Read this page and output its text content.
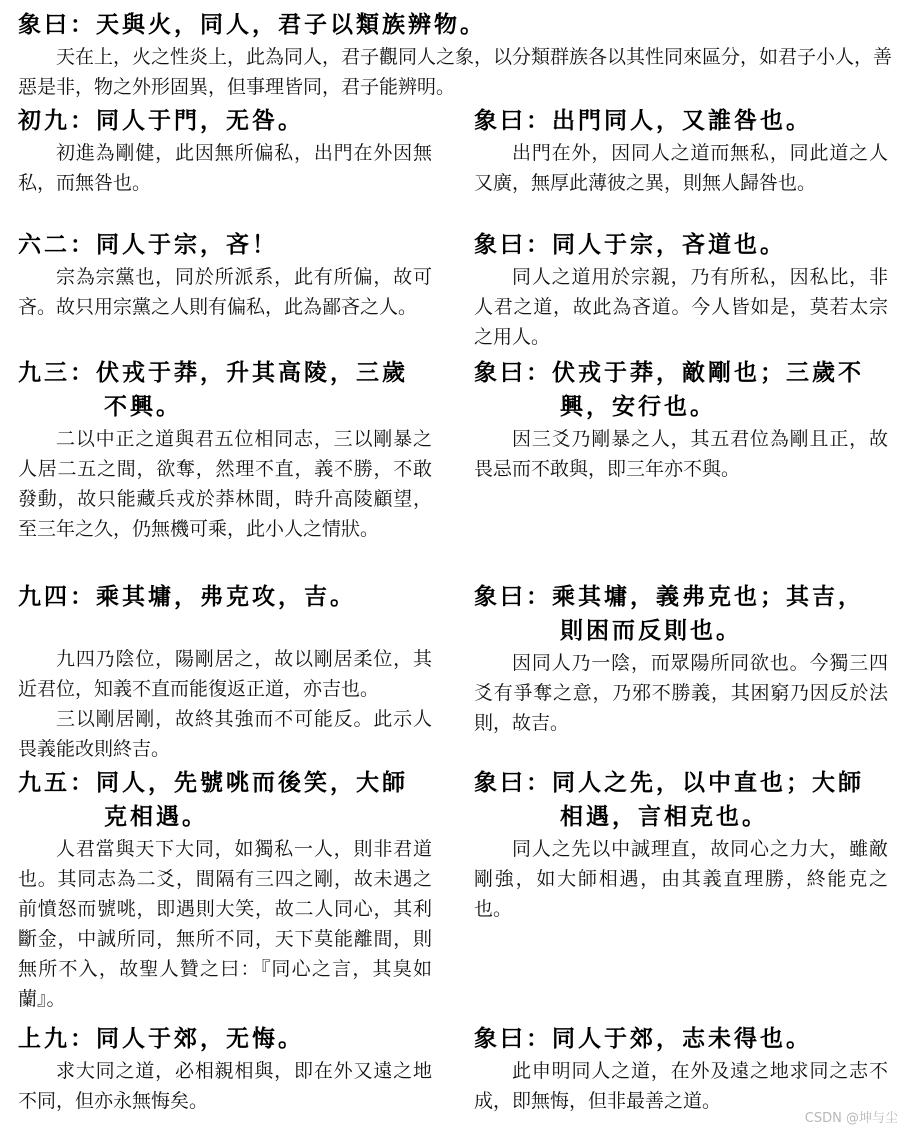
象曰：天與火，同人，君子以類族辨物。
天在上，火之性炎上，此為同人，君子觀同人之象，以分類群族各以其性同來區分，如君子小人，善惡是非，物之外形固異，但事理皆同，君子能辨明。
初九：同人于門，无咎。
初進為剛健，此因無所偏私，出門在外因無私，而無咎也。
象曰：出門同人，又誰咎也。
出門在外，因同人之道而無私，同此道之人又廣，無厚此薄彼之異，則無人歸咎也。
六二：同人于宗，吝！
宗為宗黨也，同於所派系，此有所偏，故可吝。故只用宗黨之人則有偏私，此為鄙吝之人。
象曰：同人于宗，吝道也。
同人之道用於宗親，乃有所私，因私比，非人君之道，故此為吝道。今人皆如是，莫若太宗之用人。
九三：伏戎于莽，升其高陵，三歲
不興。
二以中正之道與君五位相同志，三以剛暴之人居二五之間，欲奪，然理不直，義不勝，不敢發動，故只能藏兵戎於莽林間，時升高陵顧望，至三年之久，仍無機可乘，此小人之情狀。
象曰：伏戎于莽，敵剛也；三歲不
興，安行也。
因三爻乃剛暴之人，其五君位為剛且正，故畏忌而不敢與，即三年亦不與。
九四：乘其墉，弗克攻，吉。
九四乃陰位，陽剛居之，故以剛居柔位，其近君位，知義不直而能復返正道，亦吉也。
三以剛居剛，故終其強而不可能反。此示人畏義能改則終吉。
象曰：乘其墉，義弗克也；其吉，
則困而反則也。
因同人乃一陰，而眾陽所同欲也。今獨三四爻有爭奪之意，乃邪不勝義，其困窮乃因反於法則，故吉。
九五：同人，先號咷而後笑，大師
克相遇。
人君當與天下大同，如獨私一人，則非君道也。其同志為二爻，間隔有三四之剛，故未遇之前憤怒而號咷，即遇則大笑，故二人同心，其利斷金，中誠所同，無所不同，天下莫能離間，則無所不入，故聖人贊之曰：『同心之言，其臭如蘭』。
象曰：同人之先，以中直也；大師
相遇，言相克也。
同人之先以中誠理直，故同心之力大，雖敵剛強，如大師相遇，由其義直理勝，終能克之也。
上九：同人于郊，无悔。
求大同之道，必相親相與，即在外又遠之地不同，但亦永無悔矣。
象曰：同人于郊，志未得也。
此申明同人之道，在外及遠之地求同之志不成，即無悔，但非最善之道。
CSDN @坤与尘
